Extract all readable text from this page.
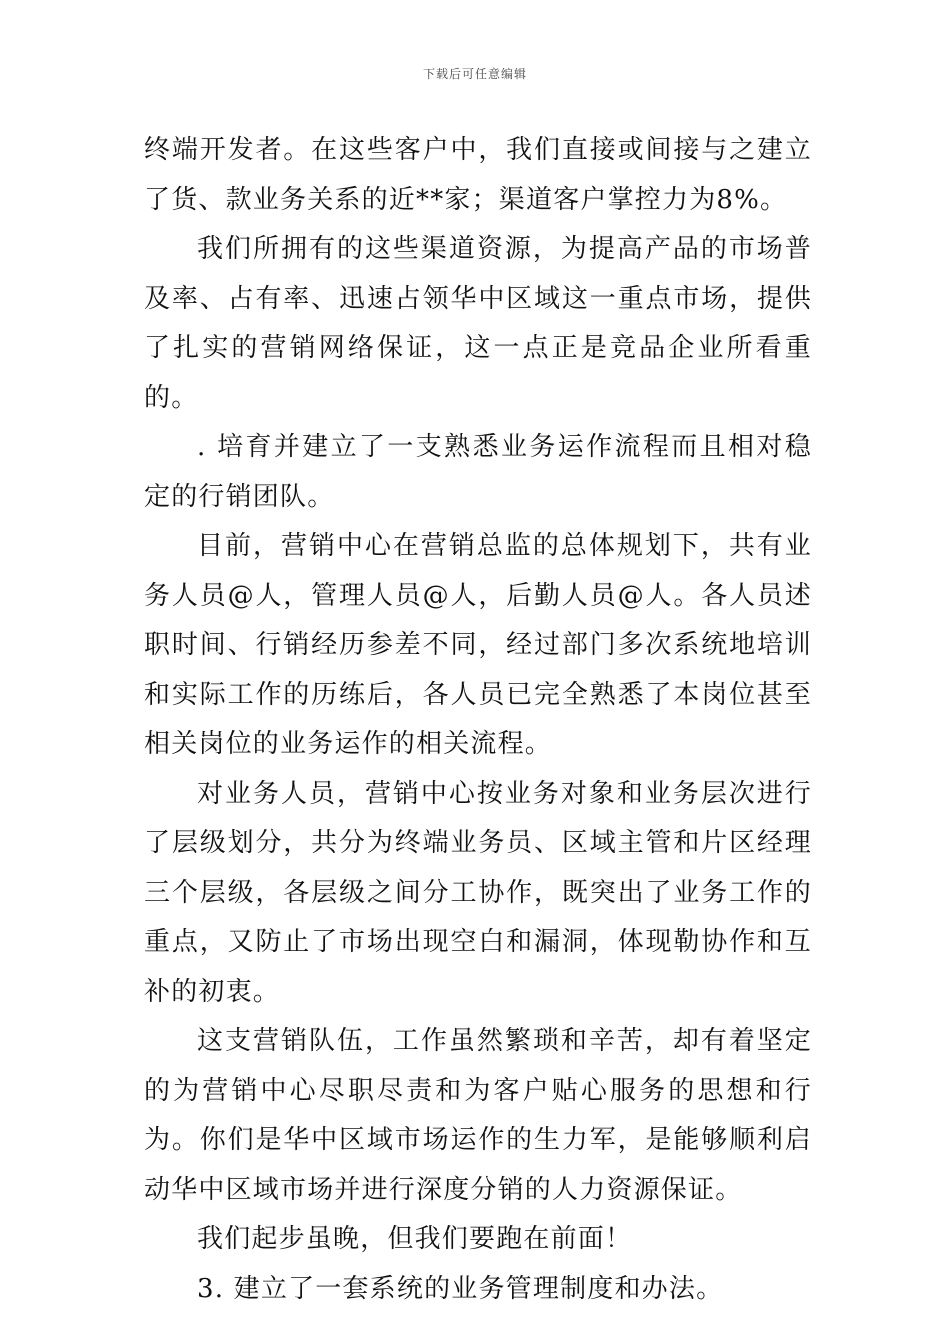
下载后可任意编辑

终端开发者。在这些客户中，我们直接或间接与之建立了货、款业务关系的近**家；渠道客户掌控力为8%。

我们所拥有的这些渠道资源，为提高产品的市场普及率、占有率、迅速占领华中区域这一重点市场，提供了扎实的营销网络保证，这一点正是竞品企业所看重的。

. 培育并建立了一支熟悉业务运作流程而且相对稳定的行销团队。

目前，营销中心在营销总监的总体规划下，共有业务人员@人，管理人员@人，后勤人员@人。各人员述职时间、行销经历参差不同，经过部门多次系统地培训和实际工作的历练后，各人员已完全熟悉了本岗位甚至相关岗位的业务运作的相关流程。

对业务人员，营销中心按业务对象和业务层次进行了层级划分，共分为终端业务员、区域主管和片区经理三个层级，各层级之间分工协作，既突出了业务工作的重点，又防止了市场出现空白和漏洞，体现勒协作和互补的初衷。

这支营销队伍，工作虽然繁琐和辛苦，却有着坚定的为营销中心尽职尽责和为客户贴心服务的思想和行为。你们是华中区域市场运作的生力军，是能够顺利启动华中区域市场并进行深度分销的人力资源保证。

我们起步虽晚，但我们要跑在前面！

3. 建立了一套系统的业务管理制度和办法。
